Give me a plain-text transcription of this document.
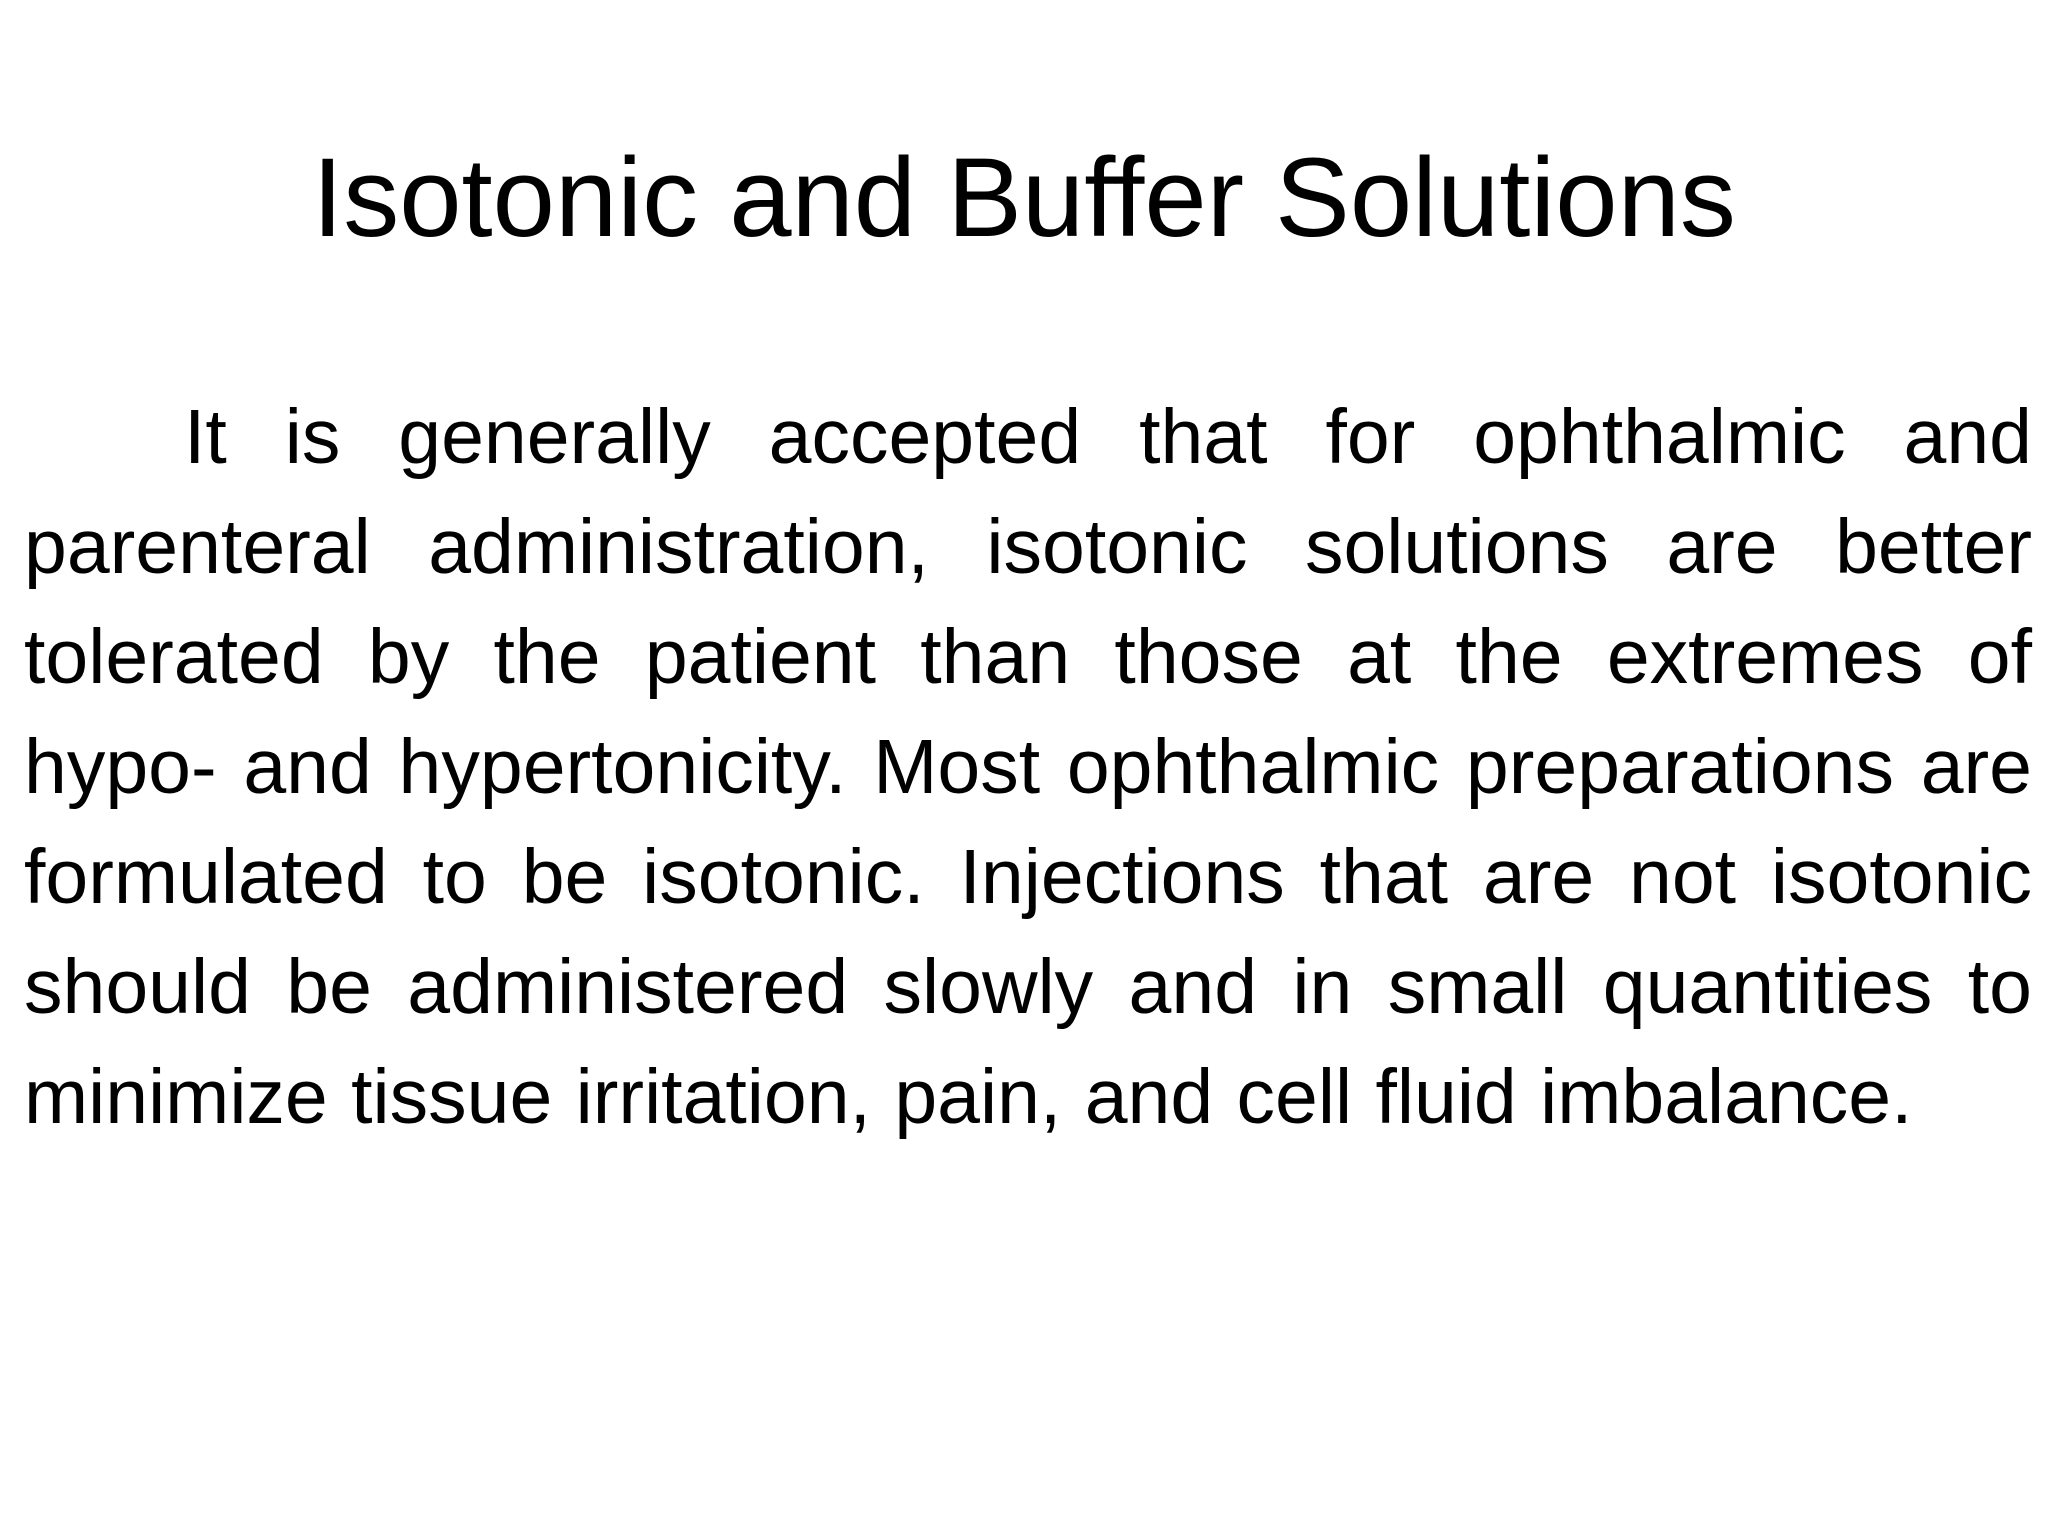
Isotonic and Buffer Solutions

It is generally accepted that for ophthalmic and parenteral administration, isotonic solutions are better tolerated by the patient than those at the extremes of hypo- and hypertonicity. Most ophthalmic preparations are formulated to be isotonic. Injections that are not isotonic should be administered slowly and in small quantities to minimize tissue irritation, pain, and cell fluid imbalance.
